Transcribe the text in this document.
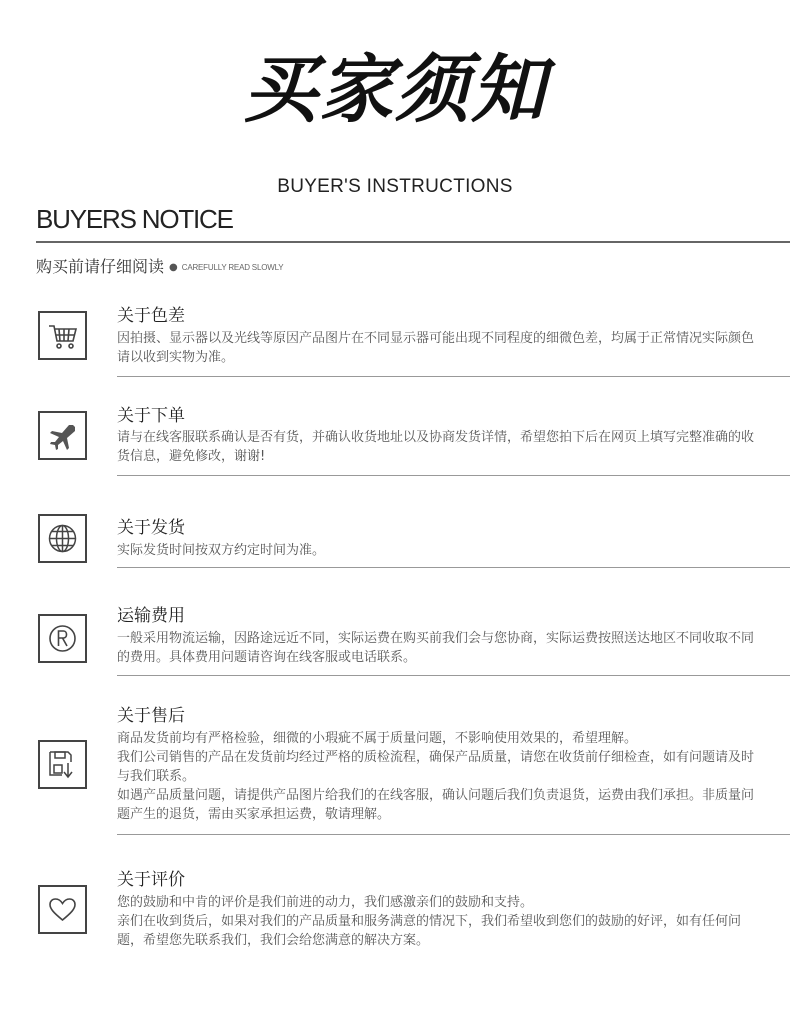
买家须知
BUYER'S INSTRUCTIONS
BUYERS NOTICE
购买前请仔细阅读 ● CAREFULLY READ SLOWLY
关于色差

因拍摄、显示器以及光线等原因产品图片在不同显示器可能出现不同程度的细微色差，均属于正常情况实际颜色请以收到实物为准。

关于下单

请与在线客服联系确认是否有货，并确认收货地址以及协商发货详情，希望您拍下后在网页上填写完整准确的收货信息，避免修改，谢谢!

关于发货

实际发货时间按双方约定时间为准。

运输费用

一般采用物流运输，因路途远近不同，实际运费在购买前我们会与您协商，实际运费按照送达地区不同收取不同的费用。具体费用问题请咨询在线客服或电话联系。

关于售后

商品发货前均有严格检验，细微的小瑕疵不属于质量问题，不影响使用效果的，希望理解。

我们公司销售的产品在发货前均经过严格的质检流程，确保产品质量，请您在收货前仔细检查，如有问题请及时与我们联系。

如遇产品质量问题，请提供产品图片给我们的在线客服，确认问题后我们负责退货，运费由我们承担。非质量问题产生的退货，需由买家承担运费，敬请理解。

关于评价

您的鼓励和中肯的评价是我们前进的动力，我们感激亲们的鼓励和支持。

亲们在收到货后，如果对我们的产品质量和服务满意的情况下，我们希望收到您们的鼓励的好评，如有任何问题，希望您先联系我们，我们会给您满意的解决方案。
